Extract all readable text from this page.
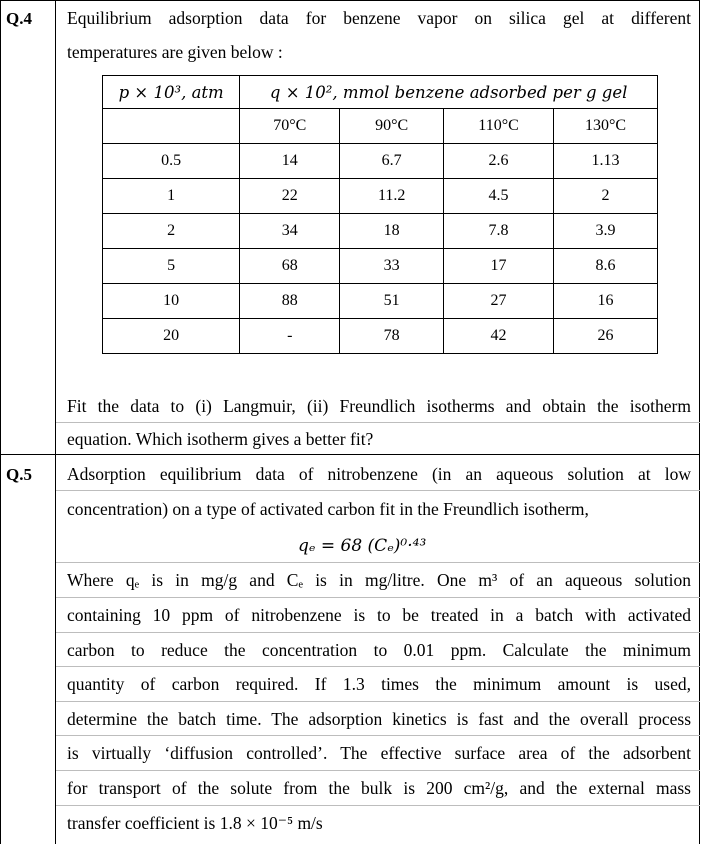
Q.4 Equilibrium adsorption data for benzene vapor on silica gel at different
temperatures are given below :
p × 10³, atm	q × 10², mmol benzene adsorbed per g gel			
	70°C	90°C	110°C	130°C
0.5	14	6.7	2.6	1.13
1	22	11.2	4.5	2
2	34	18	7.8	3.9
5	68	33	17	8.6
10	88	51	27	16
20	-	78	42	26
Fit the data to (i) Langmuir, (ii) Freundlich isotherms and obtain the isotherm
equation. Which isotherm gives a better fit?
Q.5 Adsorption equilibrium data of nitrobenzene (in an aqueous solution at low
concentration) on a type of activated carbon fit in the Freundlich isotherm,
qₑ = 68 (Cₑ)⁰·⁴³
Where qₑ is in mg/g and Cₑ is in mg/litre. One m³ of an aqueous solution
containing 10 ppm of nitrobenzene is to be treated in a batch with activated
carbon to reduce the concentration to 0.01 ppm. Calculate the minimum
quantity of carbon required. If 1.3 times the minimum amount is used,
determine the batch time. The adsorption kinetics is fast and the overall process
is virtually ‘diffusion controlled’. The effective surface area of the adsorbent
for transport of the solute from the bulk is 200 cm²/g, and the external mass
transfer coefficient is 1.8 × 10⁻⁵ m/s
